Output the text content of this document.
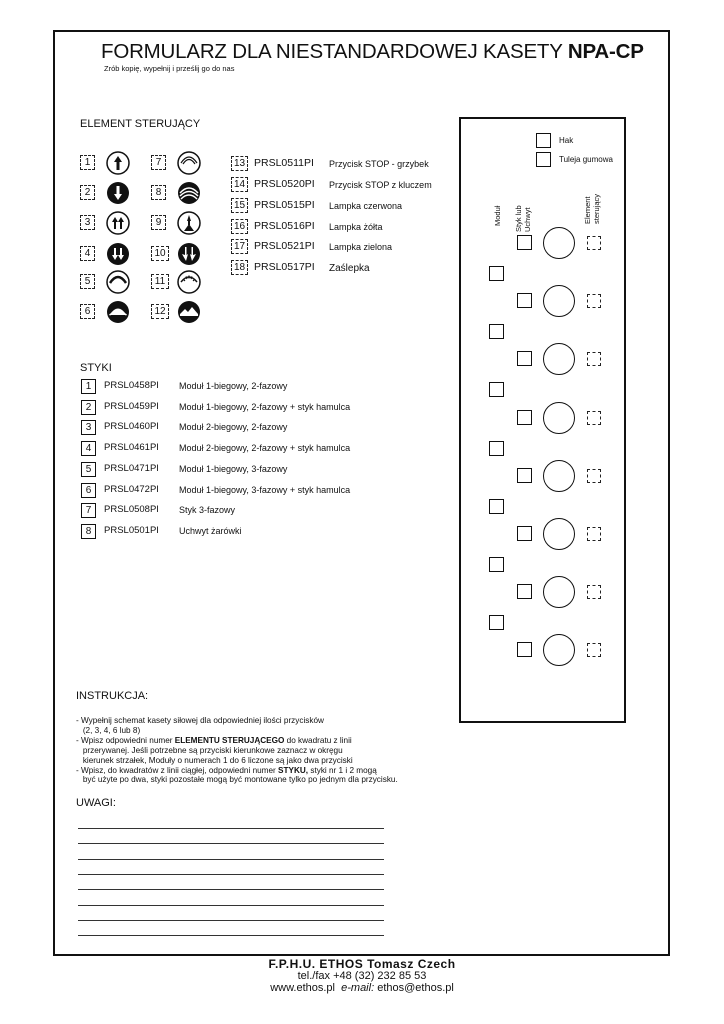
FORMULARZ DLA NIESTANDARDOWEJ KASETY NPA-CP
Zrób kopię, wypełnij i prześlij go do nas
ELEMENT STERUJĄCY
1
2
3
4
5
6
7
8
9
10
11
12
13 PRSL0511PI Przycisk STOP - grzybek
14 PRSL0520PI Przycisk STOP z kluczem
15 PRSL0515PI Lampka czerwona
16 PRSL0516PI Lampka żółta
17 PRSL0521PI Lampka zielona
18 PRSL0517PI Zaślepka
STYKI
1	PRSL0458PI Moduł 1-biegowy, 2-fazowy
2	PRSL0459PI Moduł 1-biegowy, 2-fazowy + styk hamulca
3	PRSL0460PI Moduł 2-biegowy, 2-fazowy
4	PRSL0461PI Moduł 2-biegowy, 2-fazowy + styk hamulca
5	PRSL0471PI Moduł 1-biegowy, 3-fazowy
6	PRSL0472PI Moduł 1-biegowy, 3-fazowy + styk hamulca
7	PRSL0508PI Styk 3-fazowy
8	PRSL0501PI Uchwyt żarówki
INSTRUKCJA:

- Wypełnij schemat kasety siłowej dla odpowiedniej ilości przycisków

(2, 3, 4, 6 lub 8)

- Wpisz odpowiedni numer ELEMENTU STERUJĄCEGO do kwadratu z linii

przerywanej. Jeśli potrzebne są przyciski kierunkowe zaznacz w okręgu

kierunek strzałek, Moduły o numerach 1 do 6 liczone są jako dwa przyciski

- Wpisz, do kwadratów z linii ciągłej, odpowiedni numer STYKU, styki nr 1 i 2 mogą

być użyte po dwa, styki pozostałe mogą być montowane tylko po jednym dla przycisku.

UWAGI:
Hak
Tuleja gumowa
Moduł Styk lub Uchwyt	Element sterujący
F.P.H.U. ETHOS Tomasz Czech
tel./fax +48 (32) 232 85 53
www.ethos.pl e-mail: ethos@ethos.pl
